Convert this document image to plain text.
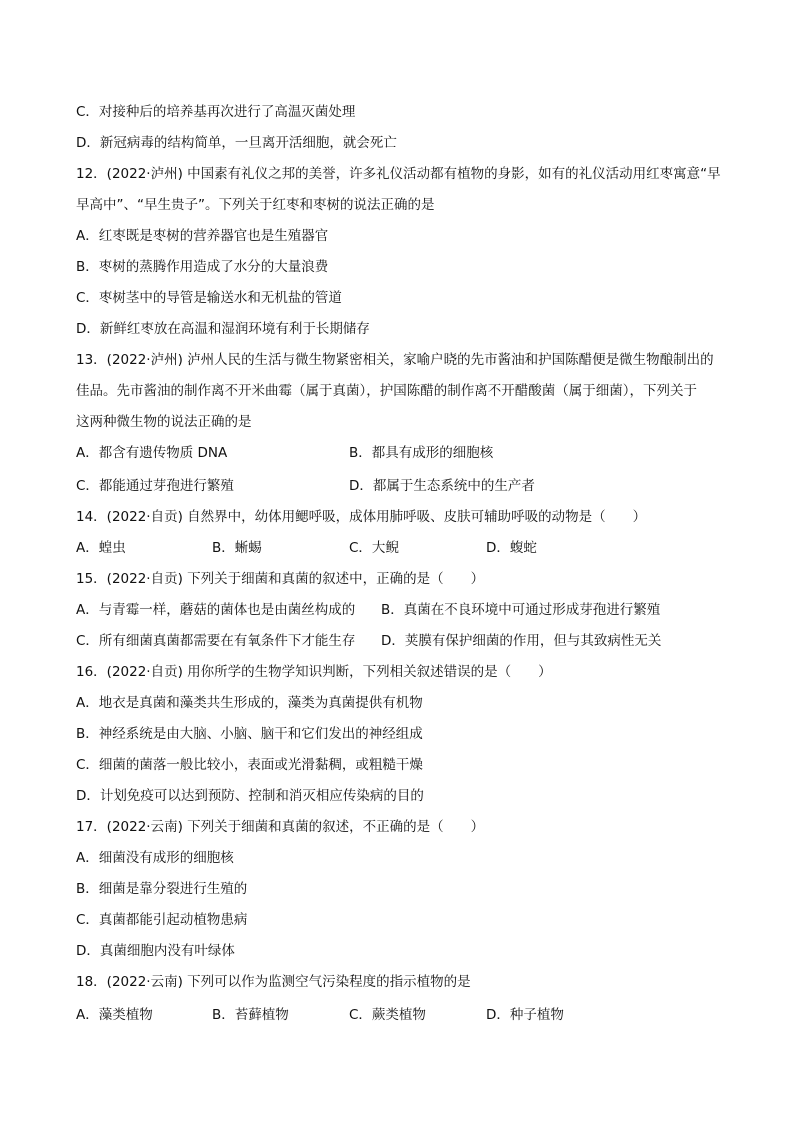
C．对接种后的培养基再次进行了高温灭菌处理
D．新冠病毒的结构简单，一旦离开活细胞，就会死亡
12．(2022·泸州) 中国素有礼仪之邦的美誉，许多礼仪活动都有植物的身影，如有的礼仪活动用红枣寓意“早
早高中”、“早生贵子”。下列关于红枣和枣树的说法正确的是
A．红枣既是枣树的营养器官也是生殖器官
B．枣树的蒸腾作用造成了水分的大量浪费
C．枣树茎中的导管是输送水和无机盐的管道
D．新鲜红枣放在高温和湿润环境有利于长期储存
13．(2022·泸州) 泸州人民的生活与微生物紧密相关，家喻户晓的先市酱油和护国陈醋便是微生物酿制出的
佳品。先市酱油的制作离不开米曲霉（属于真菌），护国陈醋的制作离不开醋酸菌（属于细菌），下列关于
这两种微生物的说法正确的是
A．都含有遗传物质 DNA	B．都具有成形的细胞核
C．都能通过芽孢进行繁殖	D．都属于生态系统中的生产者
14．(2022·自贡) 自然界中，幼体用鳃呼吸，成体用肺呼吸、皮肤可辅助呼吸的动物是（　　）
A．蝗虫	B．蜥蜴	C．大鲵	D．蝮蛇
15．(2022·自贡) 下列关于细菌和真菌的叙述中，正确的是（　　）
A．与青霉一样，蘑菇的菌体也是由菌丝构成的 B．真菌在不良环境中可通过形成芽孢进行繁殖
C．所有细菌真菌都需要在有氧条件下才能生存 D．荚膜有保护细菌的作用，但与其致病性无关
16．(2022·自贡) 用你所学的生物学知识判断，下列相关叙述错误的是（　　）
A．地衣是真菌和藻类共生形成的，藻类为真菌提供有机物
B．神经系统是由大脑、小脑、脑干和它们发出的神经组成
C．细菌的菌落一般比较小，表面或光滑黏稠，或粗糙干燥
D．计划免疫可以达到预防、控制和消灭相应传染病的目的
17．(2022·云南) 下列关于细菌和真菌的叙述，不正确的是（　　）
A．细菌没有成形的细胞核
B．细菌是靠分裂进行生殖的
C．真菌都能引起动植物患病
D．真菌细胞内没有叶绿体
18．(2022·云南) 下列可以作为监测空气污染程度的指示植物的是
A．藻类植物	B．苔藓植物	C．蕨类植物	D．种子植物
